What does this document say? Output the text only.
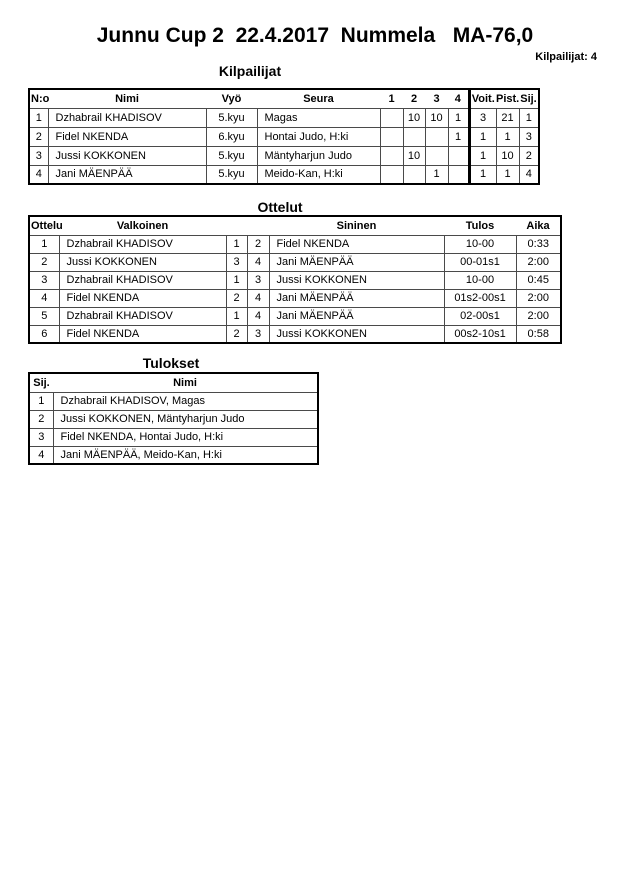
Junnu Cup 2  22.4.2017  Nummela   MA-76,0
Kilpailijat: 4
Kilpailijat
N:o	Nimi	Vyö	Seura	1	2	3	4	Voit.	Pist.	Sij.
1	Dzhabrail KHADISOV	5.kyu	Magas		10	10	1	3	21	1
2	Fidel NKENDA	6.kyu	Hontai Judo, H:ki				1	1	1	3
3	Jussi KOKKONEN	5.kyu	Mäntyharjun Judo		10			1	10	2
4	Jani MÄENPÄÄ	5.kyu	Meido-Kan, H:ki			1		1	1	4
Ottelut
Ottelu	Valkoinen			Sininen	Tulos	Aika
1	Dzhabrail KHADISOV	1	2	Fidel NKENDA	10-00	0:33
2	Jussi KOKKONEN	3	4	Jani MÄENPÄÄ	00-01s1	2:00
3	Dzhabrail KHADISOV	1	3	Jussi KOKKONEN	10-00	0:45
4	Fidel NKENDA	2	4	Jani MÄENPÄÄ	01s2-00s1	2:00
5	Dzhabrail KHADISOV	1	4	Jani MÄENPÄÄ	02-00s1	2:00
6	Fidel NKENDA	2	3	Jussi KOKKONEN	00s2-10s1	0:58
Tulokset
Sij.	Nimi
1	Dzhabrail KHADISOV, Magas
2	Jussi KOKKONEN, Mäntyharjun Judo
3	Fidel NKENDA, Hontai Judo, H:ki
4	Jani MÄENPÄÄ, Meido-Kan, H:ki
